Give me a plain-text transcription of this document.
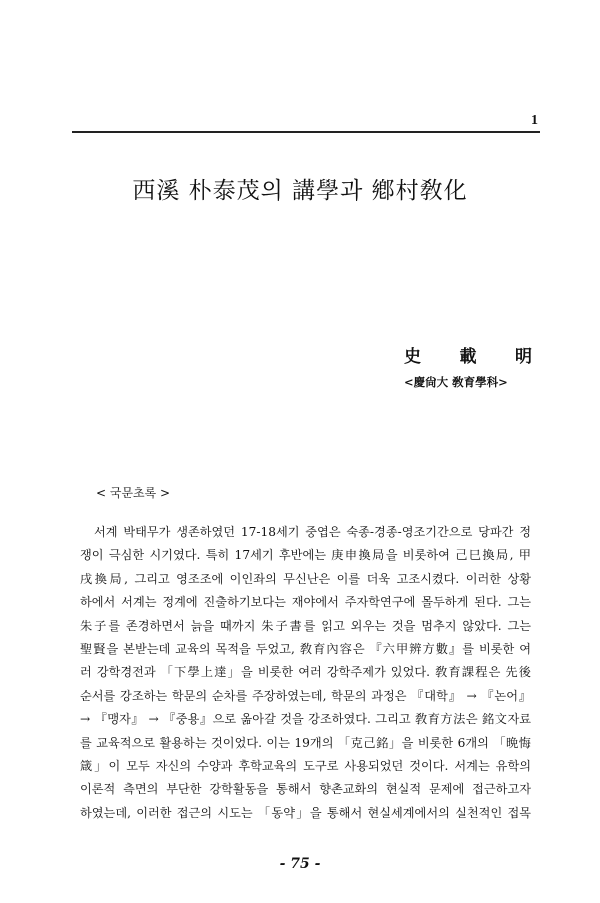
1
西溪 朴泰茂의 講學과 鄕村敎化
史 載 明
<慶尙大 敎育學科>
< 국문초록 >
서계 박태무가 생존하였던 17-18세기 중엽은 숙종-경종-영조기간으로 당파간 정
쟁이 극심한 시기였다. 특히 17세기 후반에는 庚申換局을 비롯하여 己巳換局, 甲
戌換局, 그리고 영조조에 이인좌의 무신난은 이를 더욱 고조시켰다. 이러한 상황
하에서 서계는 정계에 진출하기보다는 재야에서 주자학연구에 몰두하게 된다. 그는
朱子를 존경하면서 늙을 때까지 朱子書를 읽고 외우는 것을 멈추지 않았다. 그는
聖賢을 본받는데 교육의 목적을 두었고, 敎育內容은 『六甲辨方數』를 비롯한 여
러 강학경전과 「下學上達」을 비롯한 여러 강학주제가 있었다. 敎育課程은 先後
순서를 강조하는 학문의 순차를 주장하였는데, 학문의 과정은 『대학』 → 『논어』
→ 『맹자』 → 『중용』으로 옮아갈 것을 강조하였다. 그리고 敎育方法은 銘文자료
를 교육적으로 활용하는 것이었다. 이는 19개의 「克己銘」을 비롯한 6개의 「晩悔
箴」이 모두 자신의 수양과 후학교육의 도구로 사용되었던 것이다. 서계는 유학의
이론적 측면의 부단한 강학활동을 통해서 향촌교화의 현실적 문제에 접근하고자
하였는데, 이러한 접근의 시도는 「동약」을 통해서 현실세계에서의 실천적인 접목
- 75 -
